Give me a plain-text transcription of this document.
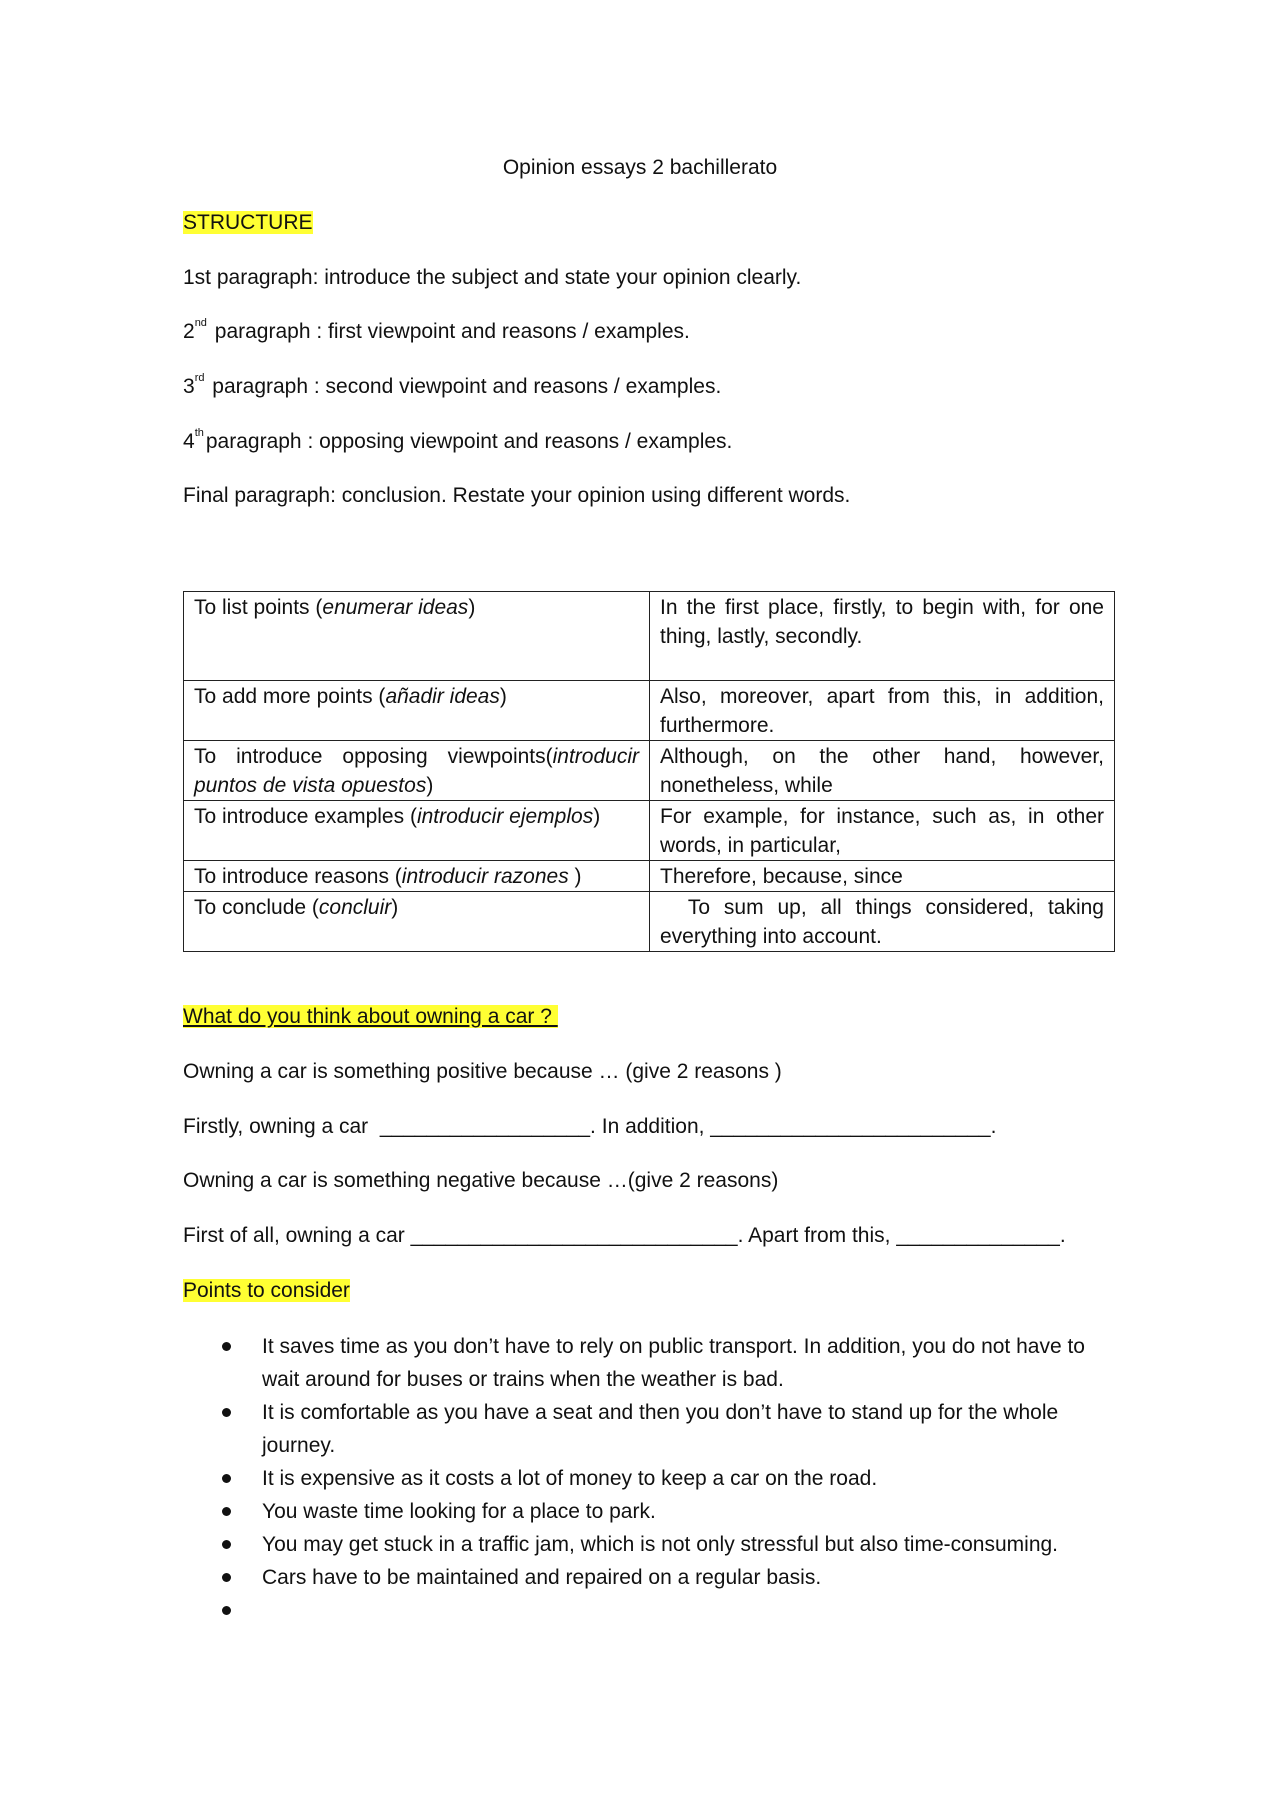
Opinion essays 2 bachillerato

STRUCTURE

1st paragraph: introduce the subject and state your opinion clearly.

2nd paragraph : first viewpoint and reasons / examples.

3rd paragraph : second viewpoint and reasons / examples.

4thparagraph : opposing viewpoint and reasons / examples.

Final paragraph: conclusion. Restate your opinion using different words.

To list points (enumerar ideas)	In the first place, firstly, to begin with, for one thing, lastly, secondly.
To add more points (añadir ideas)	Also, moreover, apart from this, in addition, furthermore.
To introduce opposing viewpoints(introducir puntos de vista opuestos)	Although, on the other hand, however, nonetheless, while
To introduce examples (introducir ejemplos)	For example, for instance, such as, in other words, in particular,
To introduce reasons (introducir razones )	Therefore, because, since
To conclude (concluir)	To sum up, all things considered, taking everything into account.

What do you think about owning a car ?

Owning a car is something positive because … (give 2 reasons )

Firstly, owning a car  __________________. In addition, ________________________.

Owning a car is something negative because …(give 2 reasons)

First of all, owning a car ____________________________. Apart from this, ______________.

Points to consider

It saves time as you don’t have to rely on public transport. In addition, you do not have to wait around for buses or trains when the weather is bad.
It is comfortable as you have a seat and then you don’t have to stand up for the whole journey.
It is expensive as it costs a lot of money to keep a car on the road.
You waste time looking for a place to park.
You may get stuck in a traffic jam, which is not only stressful but also time-consuming.
Cars have to be maintained and repaired on a regular basis.
